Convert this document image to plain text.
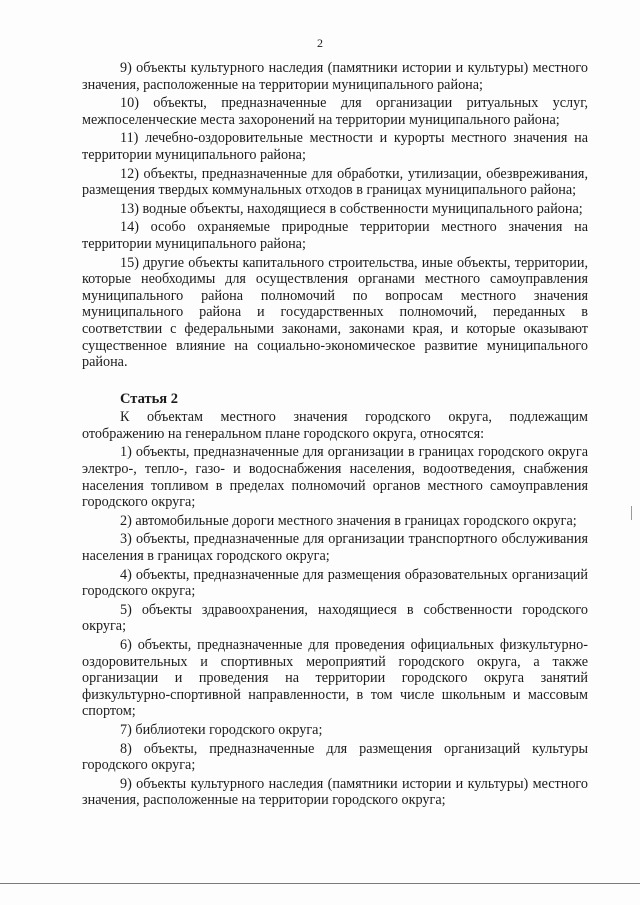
2

9) объекты культурного наследия (памятники истории и культуры) местного значения, расположенные на территории муниципального района;

10) объекты, предназначенные для организации ритуальных услуг, межпоселенческие места захоронений на территории муниципального района;

11) лечебно-оздоровительные местности и курорты местного значения на территории муниципального района;

12) объекты, предназначенные для обработки, утилизации, обезвреживания, размещения твердых коммунальных отходов в границах муниципального района;

13) водные объекты, находящиеся в собственности муниципального района;

14) особо охраняемые природные территории местного значения на территории муниципального района;

15) другие объекты капитального строительства, иные объекты, территории, которые необходимы для осуществления органами местного самоуправления муниципального района полномочий по вопросам местного значения муниципального района и государственных полномочий, переданных в соответствии с федеральными законами, законами края, и которые оказывают существенное влияние на социально-экономическое развитие муниципального района.

Статья 2

К объектам местного значения городского округа, подлежащим отображению на генеральном плане городского округа, относятся:

1) объекты, предназначенные для организации в границах городского округа электро-, тепло-, газо- и водоснабжения населения, водоотведения, снабжения населения топливом в пределах полномочий органов местного самоуправления городского округа;

2) автомобильные дороги местного значения в границах городского округа;

3) объекты, предназначенные для организации транспортного обслуживания населения в границах городского округа;

4) объекты, предназначенные для размещения образовательных организаций городского округа;

5) объекты здравоохранения, находящиеся в собственности городского округа;

6) объекты, предназначенные для проведения официальных физкультурно-оздоровительных и спортивных мероприятий городского округа, а также организации и проведения на территории городского округа занятий физкультурно-спортивной направленности, в том числе школьным и массовым спортом;

7) библиотеки городского округа;

8) объекты, предназначенные для размещения организаций культуры городского округа;

9) объекты культурного наследия (памятники истории и культуры) местного значения, расположенные на территории городского округа;
